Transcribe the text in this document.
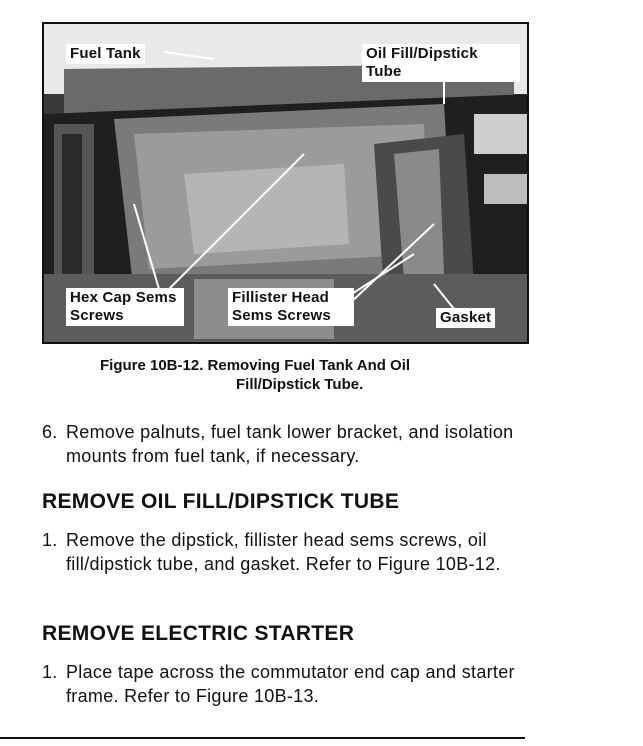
Fuel Tank	Oil Fill/Dipstick Tube
Hex Cap Sems Screws
Fillister Head Sems Screws	Gasket
Figure 10B-12. Removing Fuel Tank And Oil
Fill/Dipstick Tube.
6. Remove palnuts, fuel tank lower bracket, and isolation mounts from fuel tank, if necessary.
REMOVE OIL FILL/DIPSTICK TUBE
1. Remove the dipstick, fillister head sems screws, oil fill/dipstick tube, and gasket. Refer to Figure 10B-12.
REMOVE ELECTRIC STARTER
1. Place tape across the commutator end cap and starter frame. Refer to Figure 10B-13.
